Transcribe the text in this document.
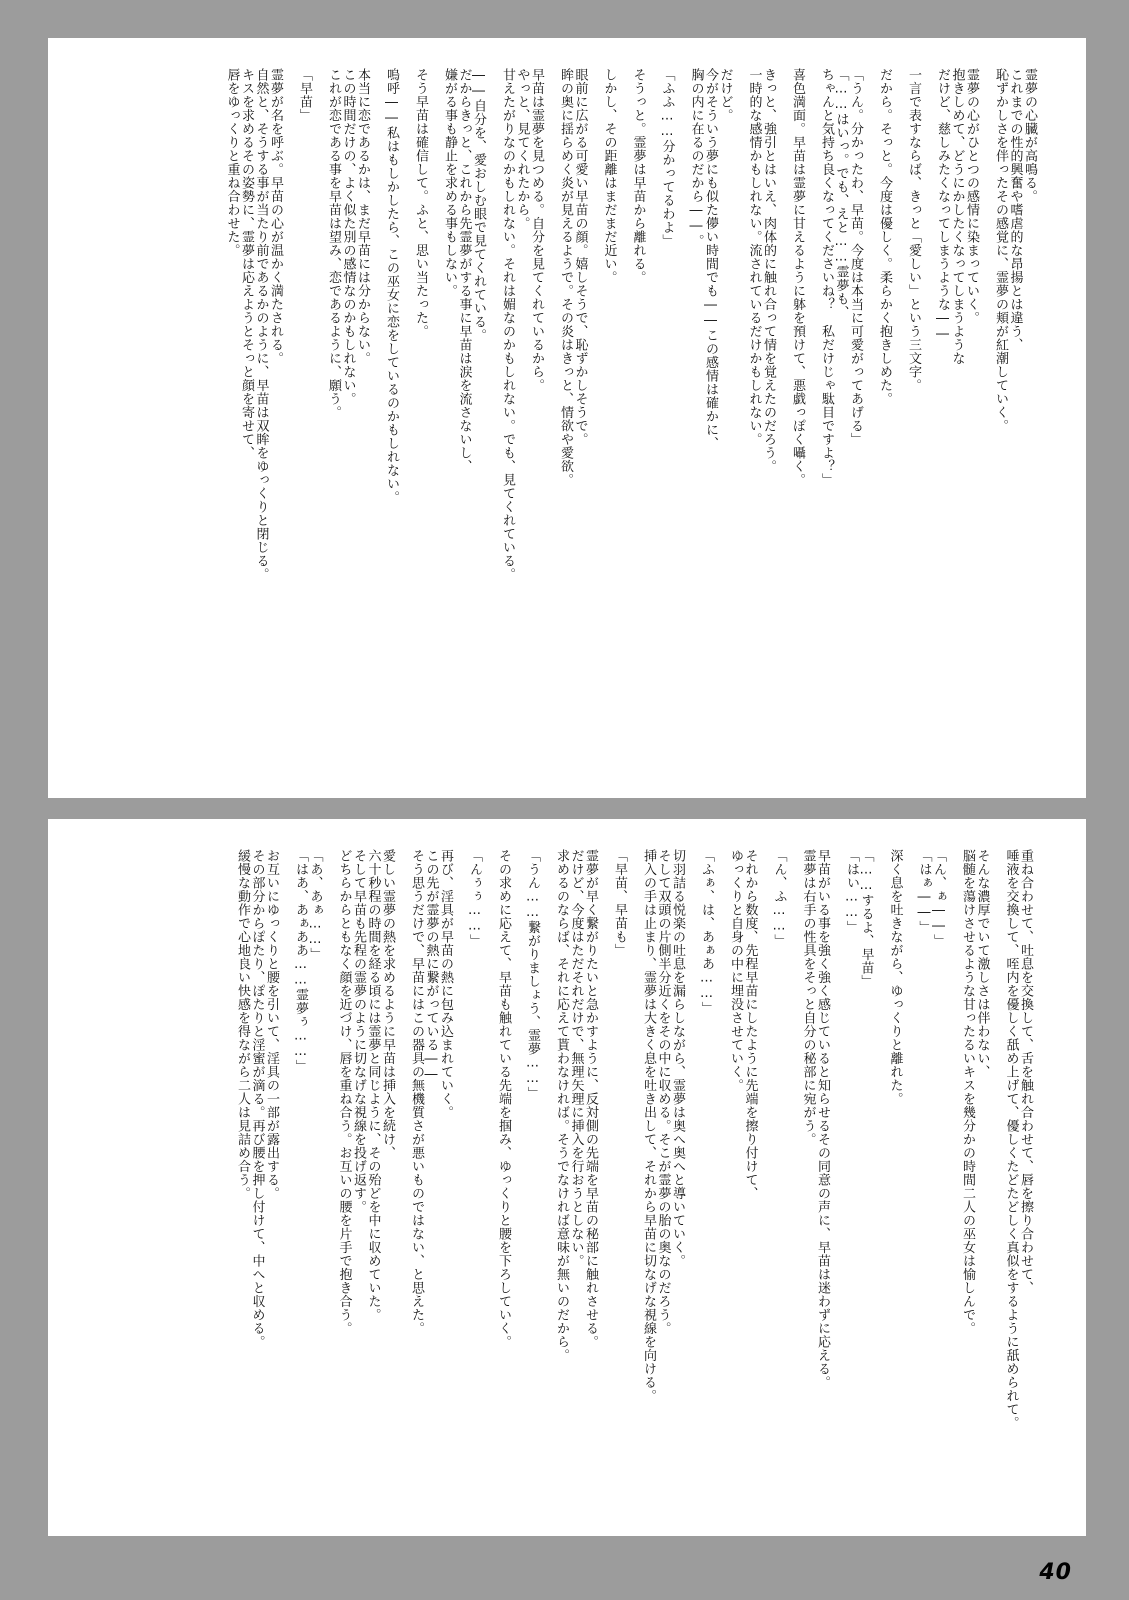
霊夢の心臓が高鳴る。
これまでの性的興奮や嗜虐的な昂揚とは違う、
恥ずかしさを伴ったその感覚に、霊夢の頬が紅潮していく。
霊夢の心がひとつの感情に染まっていく。
抱きしめて、どうにかしたくなってしまうような
だけど、慈しみたくなってしまうような――
一言で表すならば、きっと「愛しい」という三文字。
だから。そっと。今度は優しく。柔らかく抱きしめた。
「うん。分かったわ、早苗。今度は本当に可愛がってあげる」
「……はいっ。でも、えと……霊夢も、
ちゃんと気持ち良くなってくださいね？　私だけじゃ駄目ですよ？」
喜色満面。早苗は霊夢に甘えるように躰を預けて、悪戯っぽく囁く。
きっと、強引とはいえ、肉体的に触れ合って情を覚えたのだろう。
一時的な感情かもしれない。流されているだけかもしれない。
だけど。
今がそういう夢にも似た儚い時間でも――この感情は確かに、
胸の内に在るのだから――。
「ふふ……分かってるわよ」
そうっと。霊夢は早苗から離れる。
しかし、その距離はまだまだ近い。
眼前に広がる可愛い早苗の顔。嬉しそうで、恥ずかしそうで。
眸の奥に揺らめく炎が見えるようで。その炎はきっと、情欲や愛欲。
早苗は霊夢を見つめる。自分を見てくれているから。
やっと、見てくれたから。
甘えたがりなのかもしれない。それは媚なのかもしれない。でも、見てくれている。
――自分を、愛おしむ眼で見てくれている。
だからきっと、これから先霊夢がする事に早苗は涙を流さないし、
嫌がる事も静止を求める事もしない。
そう早苗は確信して。ふと、思い当たった。
嗚呼――私はもしかしたら、この巫女に恋をしているのかもしれない。
本当に恋であるかは、まだ早苗には分からない。
この時間だけの、よく似た別の感情なのかもしれない。
これが恋である事を早苗は望み、恋であるように、願う。
「早苗」
霊夢が名を呼ぶ。早苗の心が温かく満たされる。
自然と、そうする事が当たり前であるかのように、早苗は双眸をゆっくりと閉じる。
キスを求めるその姿勢に、霊夢は応えようとそっと顔を寄せて、
唇をゆっくりと重ね合わせた。
重ね合わせて、吐息を交換して、舌を触れ合わせて、唇を擦り合わせて、
唾液を交換して、咥内を優しく舐め上げて、優しくたどたどしく真似をするように舐められて。
そんな濃厚でいて激しさは伴わない、
脳髄を蕩けさせるような甘ったるいキスを幾分かの時間二人の巫女は愉しんで。
「ん、ぁ――」
「はぁ――」
深く息を吐きながら、ゆっくりと離れた。
「……するよ、早苗」
「はい……」
早苗がいる事を強く強く感じていると知らせるその同意の声に、早苗は迷わずに応える。
霊夢は右手の性具をそっと自分の秘部に宛がう。
「ん、ふ……」
それから数度、先程早苗にしたように先端を擦り付けて、
ゆっくりと自身の中に埋没させていく。
「ふぁ、は、あぁあ……」
切羽詰る悦楽の吐息を漏らしながら、霊夢は奥へ奥へと導いていく。
そして双頭の片側半分近くをその中に収める。そこが霊夢の胎の奥なのだろう。
挿入の手は止まり、霊夢は大きく息を吐き出して、それから早苗に切なげな視線を向ける。
「早苗、早苗も」
霊夢が早く繋がりたいと急かすように、反対側の先端を早苗の秘部に触れさせる。
だけど、今度はただそれだけで、無理矢理に挿入を行おうとしない。
求めるのならば、それに応えて貰わなければ。そうでなければ意味が無いのだから。
「うん……繋がりましょう、霊夢……」
その求めに応えて、早苗も触れている先端を掴み、ゆっくりと腰を下ろしていく。
「んぅぅ……」
再び、淫具が早苗の熱に包み込まれていく。
この先が霊夢の熱に繋がっている――
そう思うだけで、早苗にはこの器具の無機質さが悪いものではない、と思えた。
愛しい霊夢の熱を求めるように早苗は挿入を続け、
六十秒程の時間を経る頃には霊夢と同じように、その殆どを中に収めていた。
そして早苗も先程の霊夢のように切なげな視線を投げ返す。
どちらからともなく顔を近づけ、唇を重ね合う。お互いの腰を片手で抱き合う。
「あ、あぁ……」
「はあ、あぁああ……霊夢ぅ……」
お互いにゆっくりと腰を引いて、淫具の一部が露出する。
その部分からぽたり、ぽたりと淫蜜が滴る。再び腰を押し付けて、中へと収める。
緩慢な動作で心地良い快感を得ながら二人は見詰め合う。
40
